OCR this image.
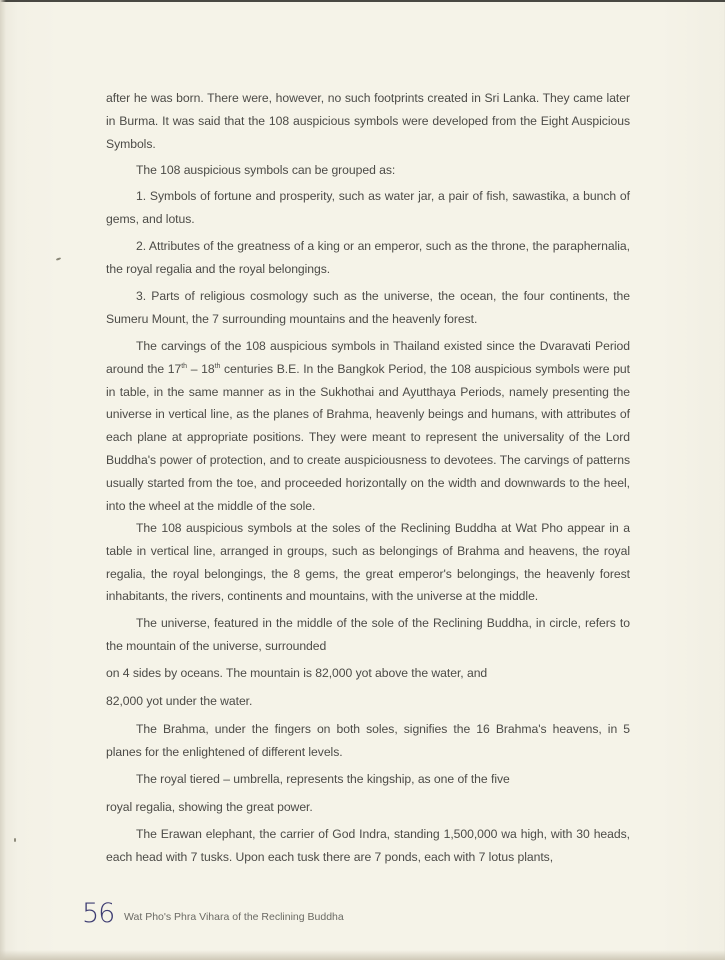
after he was born. There were, however, no such footprints created in Sri Lanka. They came later in Burma. It was said that the 108 auspicious symbols were developed from the Eight Auspicious Symbols.

The 108 auspicious symbols can be grouped as:

1. Symbols of fortune and prosperity, such as water jar, a pair of fish, sawastika, a bunch of gems, and lotus.

2. Attributes of the greatness of a king or an emperor, such as the throne, the paraphernalia, the royal regalia and the royal belongings.

3. Parts of religious cosmology such as the universe, the ocean, the four continents, the Sumeru Mount, the 7 surrounding mountains and the heavenly forest.

The carvings of the 108 auspicious symbols in Thailand existed since the Dvaravati Period around the 17th – 18th centuries B.E. In the Bangkok Period, the 108 auspicious symbols were put in table, in the same manner as in the Sukhothai and Ayutthaya Periods, namely presenting the universe in vertical line, as the planes of Brahma, heavenly beings and humans, with attributes of each plane at appropriate positions. They were meant to represent the universality of the Lord Buddha's power of protection, and to create auspiciousness to devotees. The carvings of patterns usually started from the toe, and proceeded horizontally on the width and downwards to the heel, into the wheel at the middle of the sole.

The 108 auspicious symbols at the soles of the Reclining Buddha at Wat Pho appear in a table in vertical line, arranged in groups, such as belongings of Brahma and heavens, the royal regalia, the royal belongings, the 8 gems, the great emperor's belongings, the heavenly forest inhabitants, the rivers, continents and mountains, with the universe at the middle.

The universe, featured in the middle of the sole of the Reclining Buddha, in circle, refers to the mountain of the universe, surrounded

on 4 sides by oceans. The mountain is 82,000 yot above the water, and

82,000 yot under the water.

The Brahma, under the fingers on both soles, signifies the 16 Brahma's heavens, in 5 planes for the enlightened of different levels.

The royal tiered – umbrella, represents the kingship, as one of the five

royal regalia, showing the great power.

The Erawan elephant, the carrier of God Indra, standing 1,500,000 wa high, with 30 heads, each head with 7 tusks. Upon each tusk there are 7 ponds, each with 7 lotus plants,

56 Wat Pho's Phra Vihara of the Reclining Buddha
